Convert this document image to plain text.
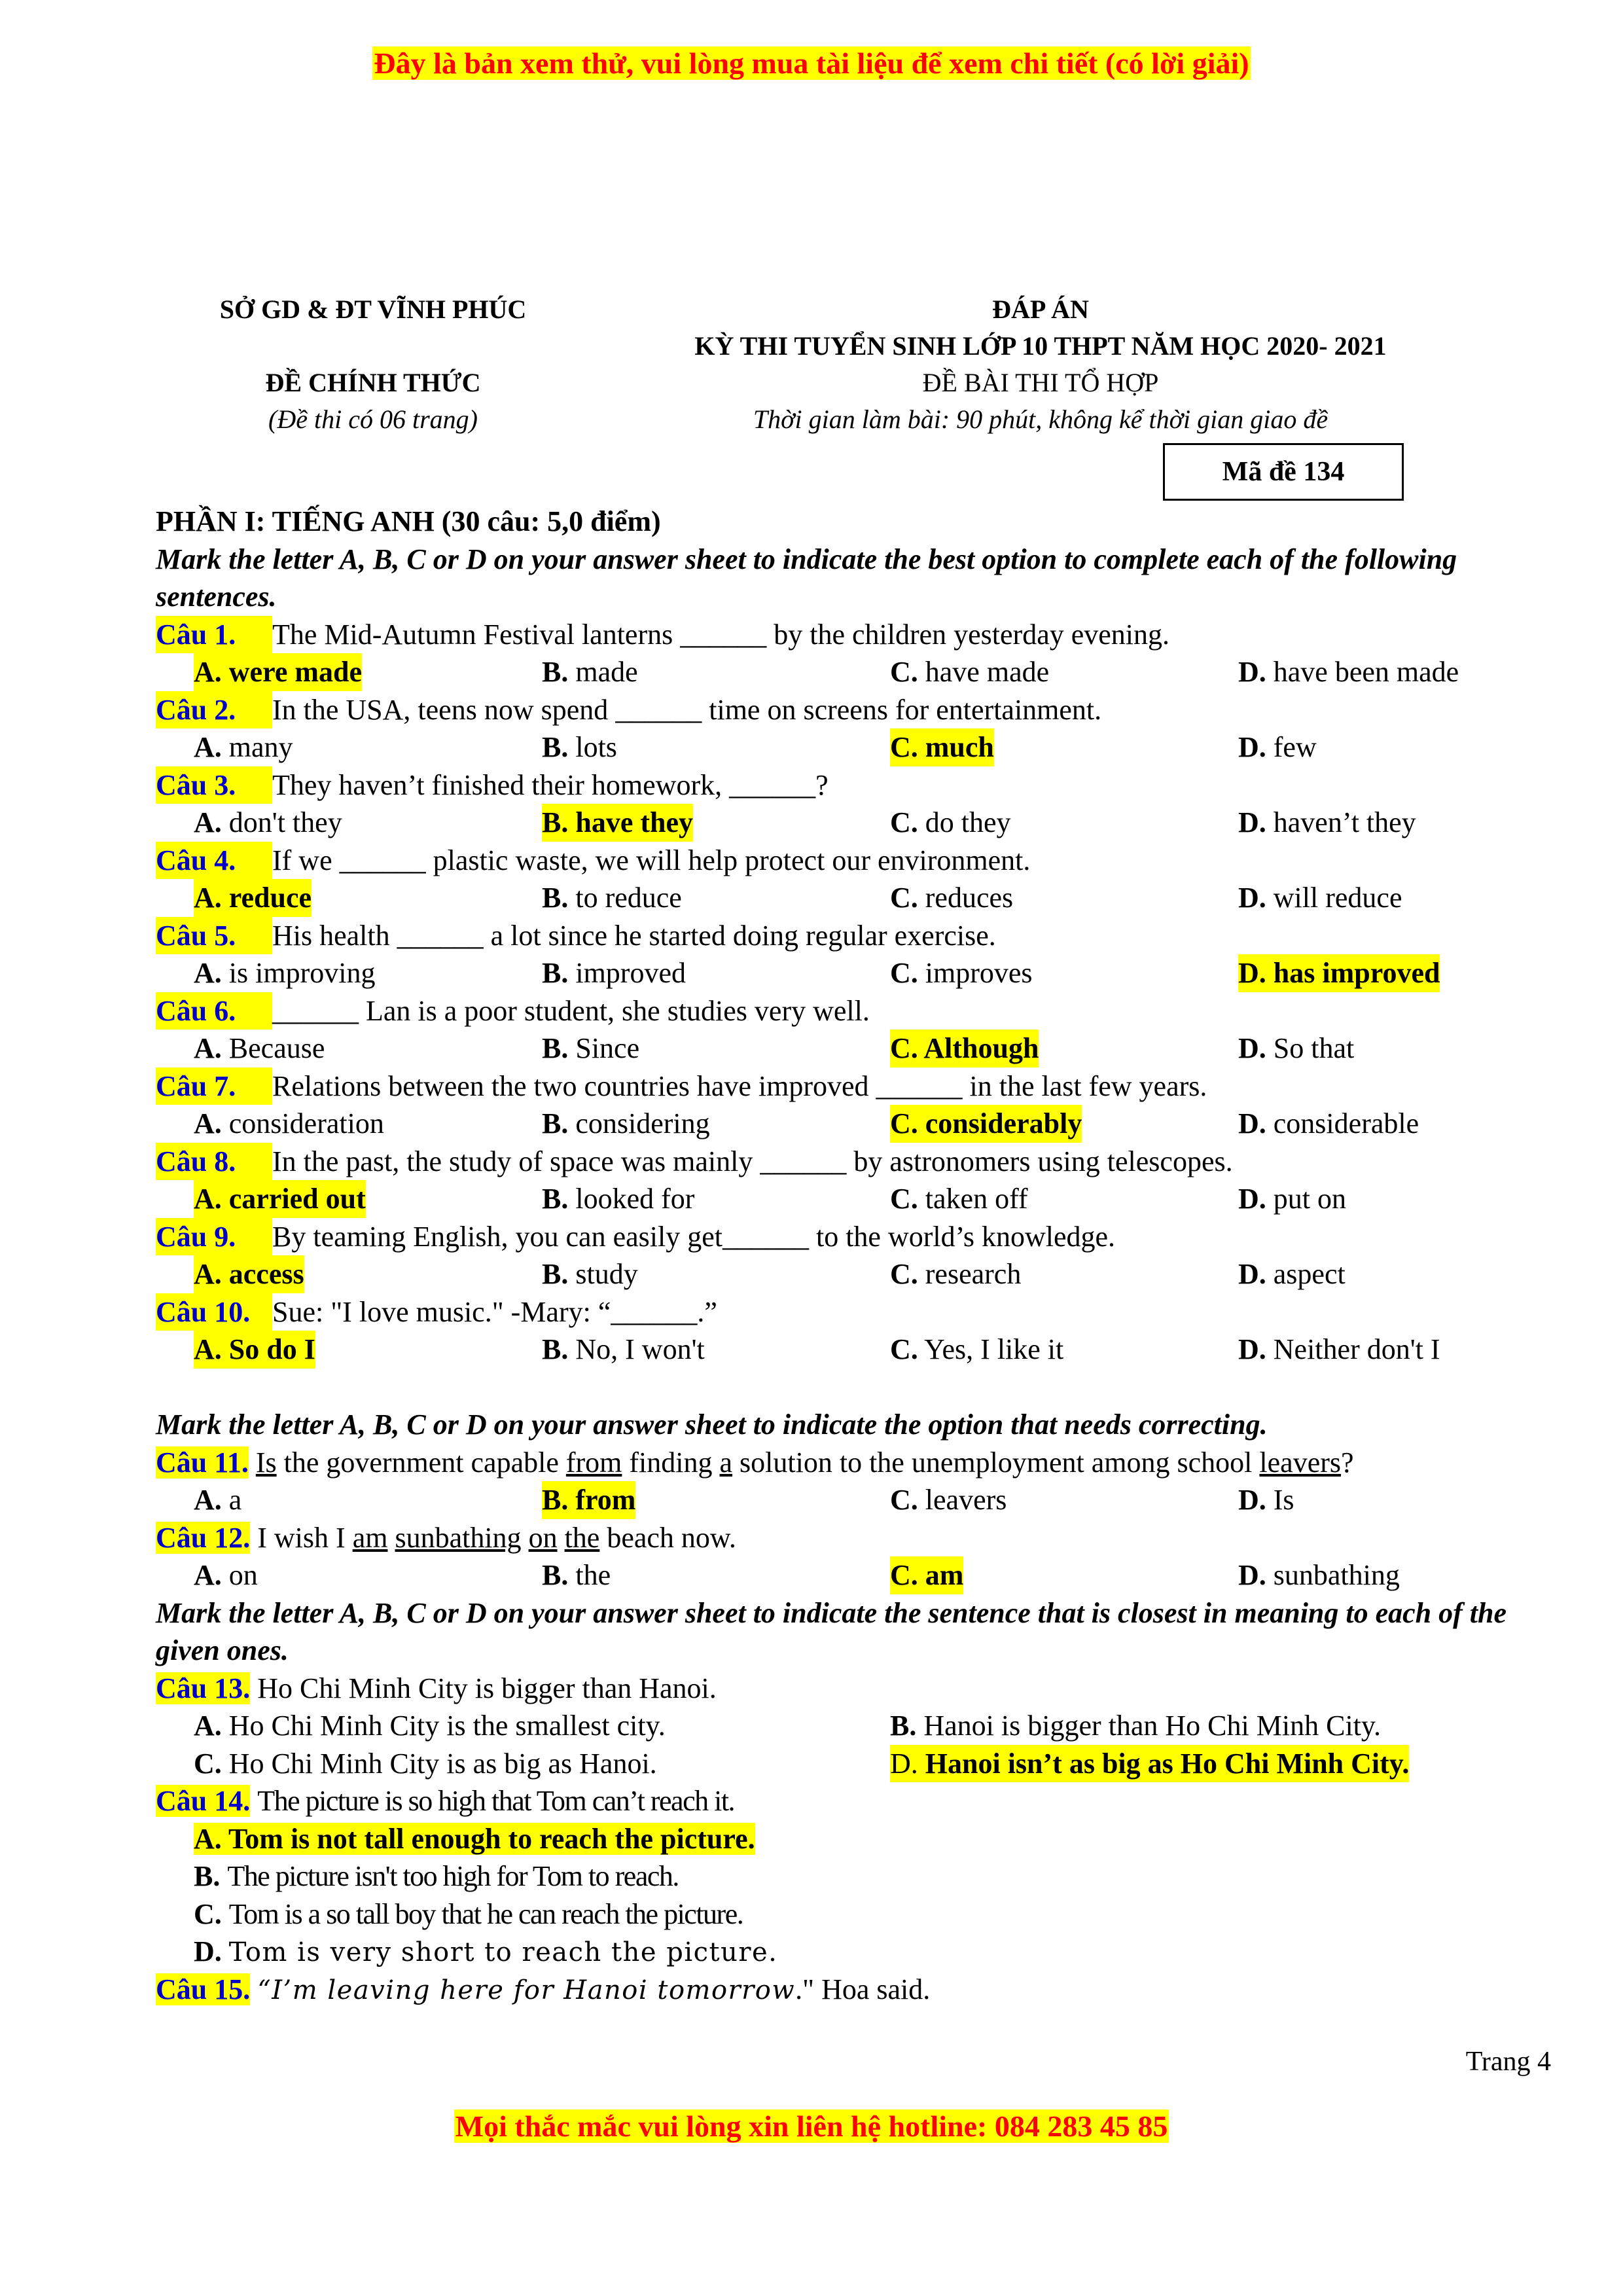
Đây là bản xem thử, vui lòng mua tài liệu để xem chi tiết (có lời giải)
SỞ GD & ĐT VĨNH PHÚC
ĐỀ CHÍNH THỨC
(Đề thi có 06 trang)
ĐÁP ÁN
KỲ THI TUYỂN SINH LỚP 10 THPT NĂM HỌC 2020- 2021
ĐỀ BÀI THI TỔ HỢP
Thời gian làm bài: 90 phút, không kể thời gian giao đề
Mã đề 134
PHẦN I: TIẾNG ANH (30 câu: 5,0 điểm)
Mark the letter A, B, C or D on your answer sheet to indicate the best option to complete each of the following sentences.
Câu 1. The Mid-Autumn Festival lanterns ______ by the children yesterday evening.
A. were made	B. made	C. have made	D. have been made
Câu 2. In the USA, teens now spend ______ time on screens for entertainment.
A. many	B. lots	C. much	D. few
Câu 3. They haven’t finished their homework, ______?
A. don't they	B. have they	C. do they	D. haven’t they
Câu 4. If we ______ plastic waste, we will help protect our environment.
A. reduce	B. to reduce	C. reduces	D. will reduce
Câu 5. His health ______ a lot since he started doing regular exercise.
A. is improving	B. improved	C. improves	D. has improved
Câu 6. ______ Lan is a poor student, she studies very well.
A. Because	B. Since	C. Although	D. So that
Câu 7. Relations between the two countries have improved ______ in the last few years.
A. consideration	B. considering	C. considerably	D. considerable
Câu 8. In the past, the study of space was mainly ______ by astronomers using telescopes.
A. carried out	B. looked for	C. taken off	D. put on
Câu 9. By teaming English, you can easily get______ to the world’s knowledge.
A. access	B. study	C. research	D. aspect
Câu 10. Sue: "I love music." -Mary: “______.”
A. So do I	B. No, I won't	C. Yes, I like it	D. Neither don't I
Mark the letter A, B, C or D on your answer sheet to indicate the option that needs correcting.
Câu 11. Is the government capable from finding a solution to the unemployment among school leavers?
A. a	B. from	C. leavers	D. Is
Câu 12. I wish I am sunbathing on the beach now.
A. on	B. the	C. am	D. sunbathing
Mark the letter A, B, C or D on your answer sheet to indicate the sentence that is closest in meaning to each of the given ones.
Câu 13. Ho Chi Minh City is bigger than Hanoi.
A. Ho Chi Minh City is the smallest city.	B. Hanoi is bigger than Ho Chi Minh City.
C. Ho Chi Minh City is as big as Hanoi.	D. Hanoi isn’t as big as Ho Chi Minh City.
Câu 14. The picture is so high that Tom can’t reach it.
A. Tom is not tall enough to reach the picture.
B. The picture isn't too high for Tom to reach.
C. Tom is a so tall boy that he can reach the picture.
D. Tom is very short to reach the picture.
Câu 15. “I’m leaving here for Hanoi tomorrow." Hoa said.
Trang 4
Mọi thắc mắc vui lòng xin liên hệ hotline: 084 283 45 85
